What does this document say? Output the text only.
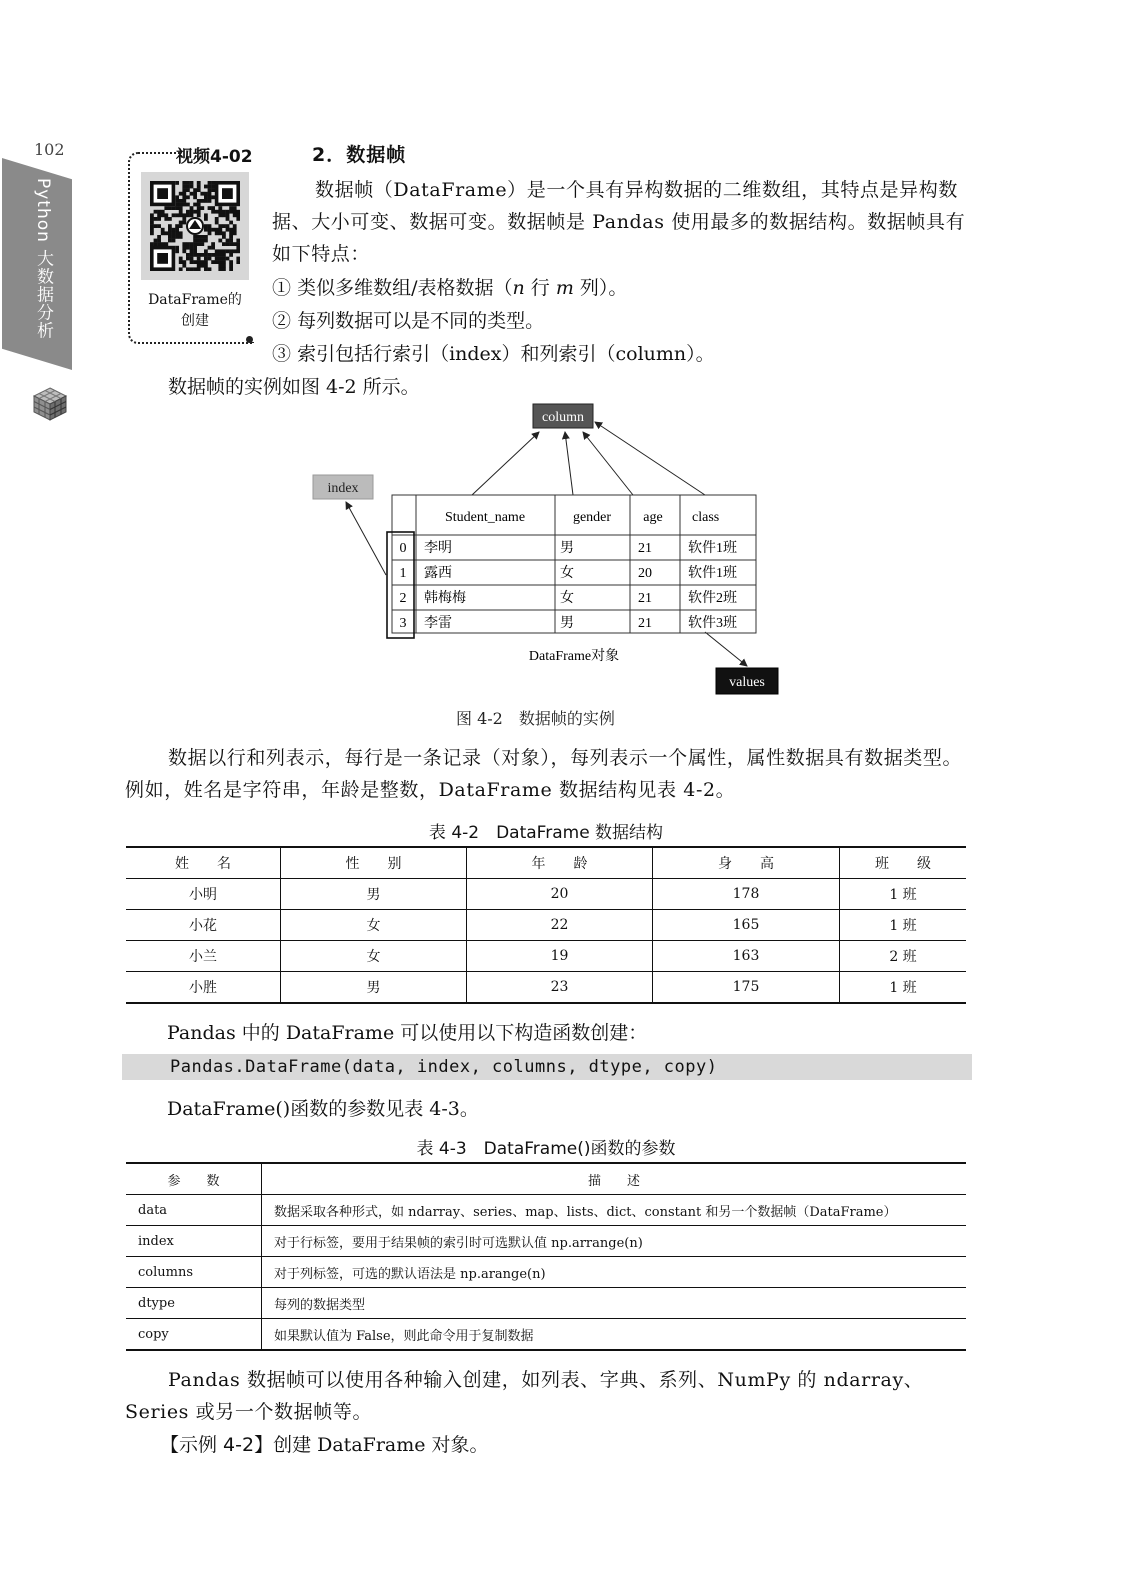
102
Python 大数据分析
视频4-02
DataFrame的
创建
2．数据帧
数据帧（DataFrame）是一个具有异构数据的二维数组，其特点是异构数据、大小可变、数据可变。数据帧是 Pandas 使用最多的数据结构。数据帧具有如下特点：
① 类似多维数组/表格数据（n 行 m 列）。
② 每列数据可以是不同的类型。
③ 索引包括行索引（index）和列索引（column）。
数据帧的实例如图 4-2 所示。
column
index
values
Student_name	gender age class
0 李明	男	21	软件1班
1 露西	女	20	软件1班
2 韩梅梅	女	21	软件2班
3 李雷	男	21	软件3班
DataFrame对象
图 4-2　数据帧的实例
数据以行和列表示，每行是一条记录（对象），每列表示一个属性，属性数据具有数据类型。例如，姓名是字符串，年龄是整数，DataFrame 数据结构见表 4-2。
表 4-2　DataFrame 数据结构
姓　　名	性　　别	年　　龄	身　　高	班　　级
小明	男	20	178	1 班
小花	女	22	165	1 班
小兰	女	19	163	2 班
小胜	男	23	175	1 班
Pandas 中的 DataFrame 可以使用以下构造函数创建：
Pandas.DataFrame(data, index, columns, dtype, copy)
DataFrame()函数的参数见表 4-3。
表 4-3　DataFrame()函数的参数
参　　数	描　　述
data	数据采取各种形式，如 ndarray、series、map、lists、dict、constant 和另一个数据帧（DataFrame）
index	对于行标签，要用于结果帧的索引时可选默认值 np.arrange(n)
columns	对于列标签，可选的默认语法是 np.arange(n)
dtype	每列的数据类型
copy	如果默认值为 False，则此命令用于复制数据
Pandas 数据帧可以使用各种输入创建，如列表、字典、系列、NumPy 的 ndarray、Series 或另一个数据帧等。
【示例 4-2】创建 DataFrame 对象。
